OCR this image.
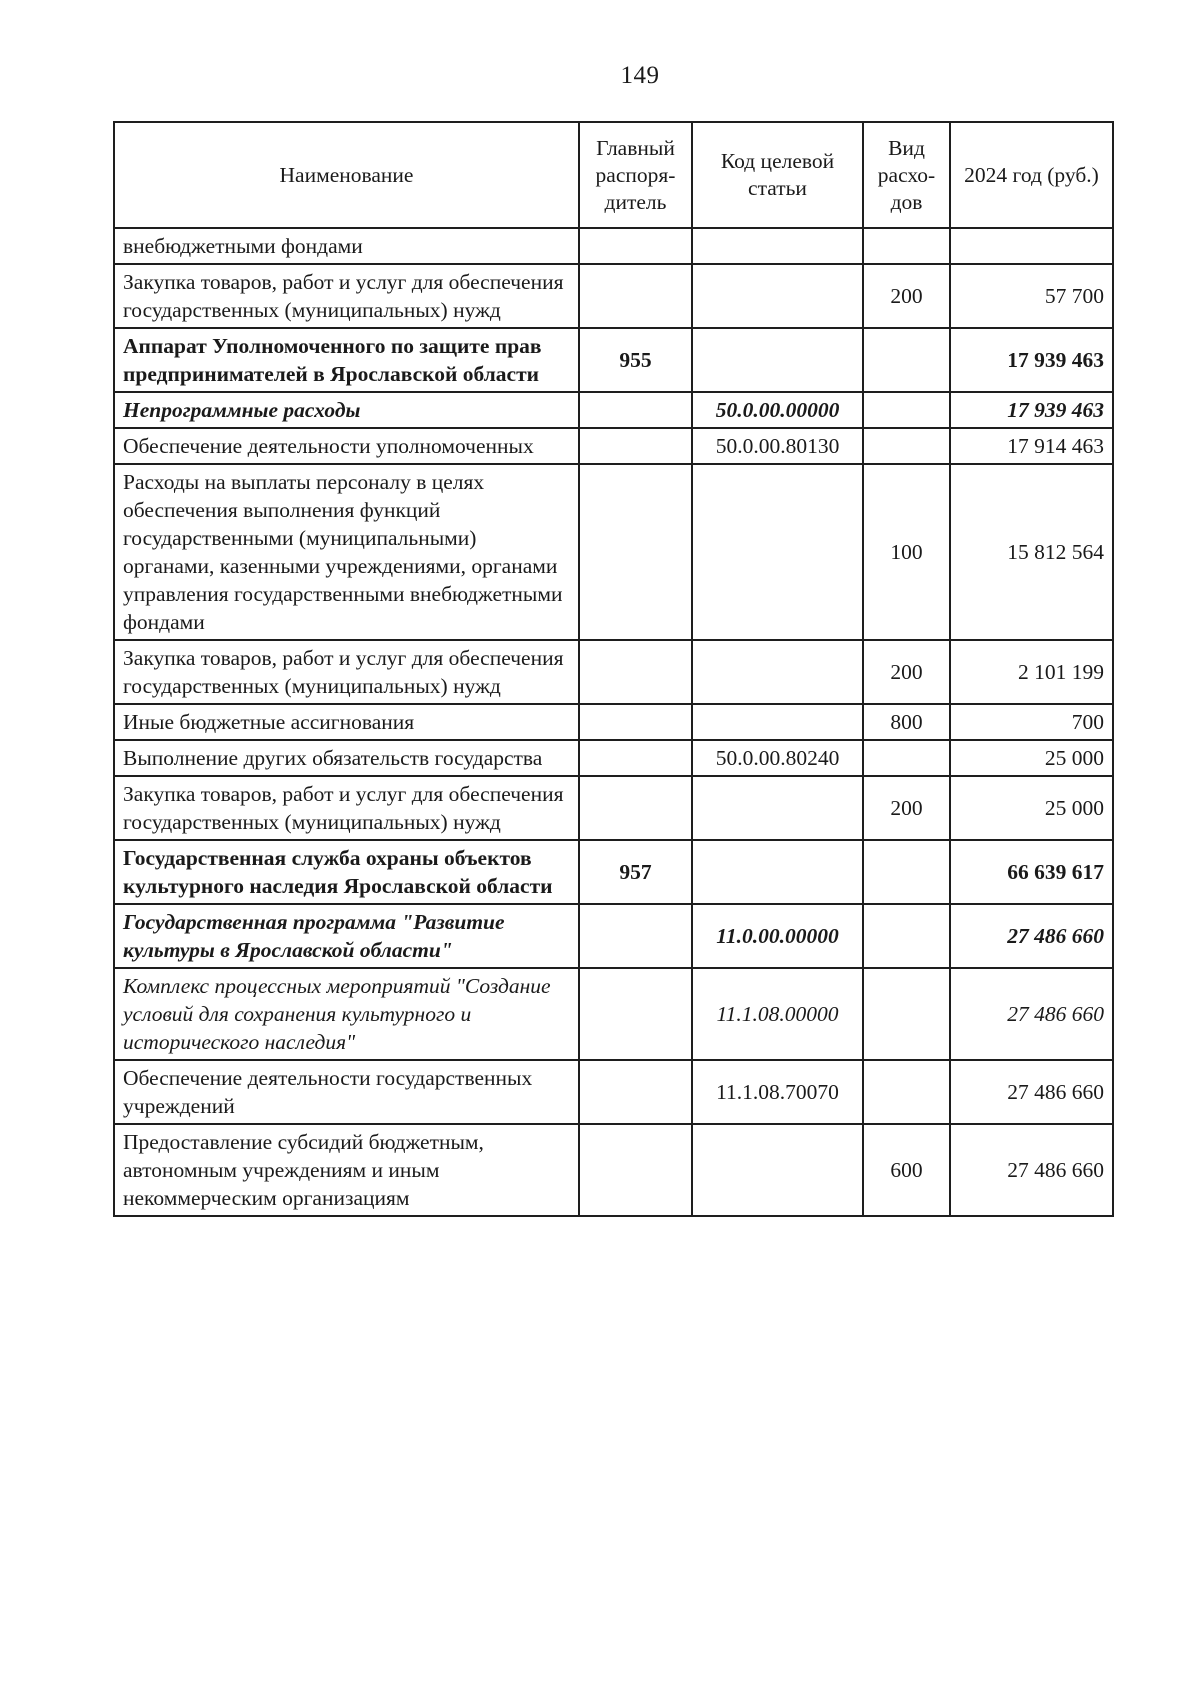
149
Наименование	Главный распоря-дитель	Код целевой статьи	Вид расхо-дов	2024 год (руб.)
внебюджетными фондами				
Закупка товаров, работ и услуг для обеспечения государственных (муниципальных) нужд			200	57 700
Аппарат Уполномоченного по защите прав предпринимателей в Ярославской области	955			17 939 463
Непрограммные расходы		50.0.00.00000		17 939 463
Обеспечение деятельности уполномоченных		50.0.00.80130		17 914 463
Расходы на выплаты персоналу в целях обеспечения выполнения функций государственными (муниципальными) органами, казенными учреждениями, органами управления государственными внебюджетными фондами			100	15 812 564
Закупка товаров, работ и услуг для обеспечения государственных (муниципальных) нужд			200	2 101 199
Иные бюджетные ассигнования			800	700
Выполнение других обязательств государства		50.0.00.80240		25 000
Закупка товаров, работ и услуг для обеспечения государственных (муниципальных) нужд			200	25 000
Государственная служба охраны объектов культурного наследия Ярославской области	957			66 639 617
Государственная программа "Развитие культуры в Ярославской области"		11.0.00.00000		27 486 660
Комплекс процессных мероприятий "Создание условий для сохранения культурного и исторического наследия"		11.1.08.00000		27 486 660
Обеспечение деятельности государственных учреждений		11.1.08.70070		27 486 660
Предоставление субсидий бюджетным, автономным учреждениям и иным некоммерческим организациям			600	27 486 660
